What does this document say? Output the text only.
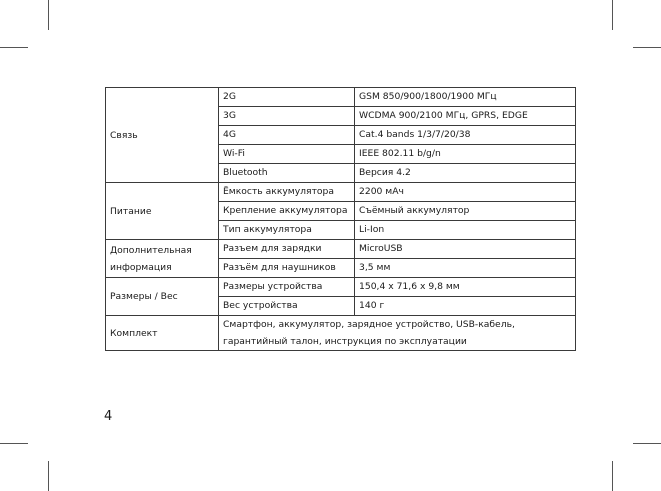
Связь	2G	GSM 850/900/1800/1900 МГц
	3G	WCDMA 900/2100 МГц, GPRS, EDGE
	4G	Cat.4 bands 1/3/7/20/38
	Wi-Fi	IEEE 802.11 b/g/n
	Bluetooth	Версия 4.2
Питание	Ёмкость аккумулятора	2200 мАч
	Крепление аккумулятора	Съёмный аккумулятор
	Тип аккумулятора	Li-Ion

Дополнительная
информация	Разъем для зарядки	MicroUSB
	Разъём для наушников	3,5 мм
Размеры / Вес	Размеры устройства	150,4 x 71,6 x 9,8 мм
	Вес устройства	140 г
Комплект	Смартфон, аккумулятор, зарядное устройство, USB-кабель,
гарантийный талон, инструкция по эксплуатации	
4
